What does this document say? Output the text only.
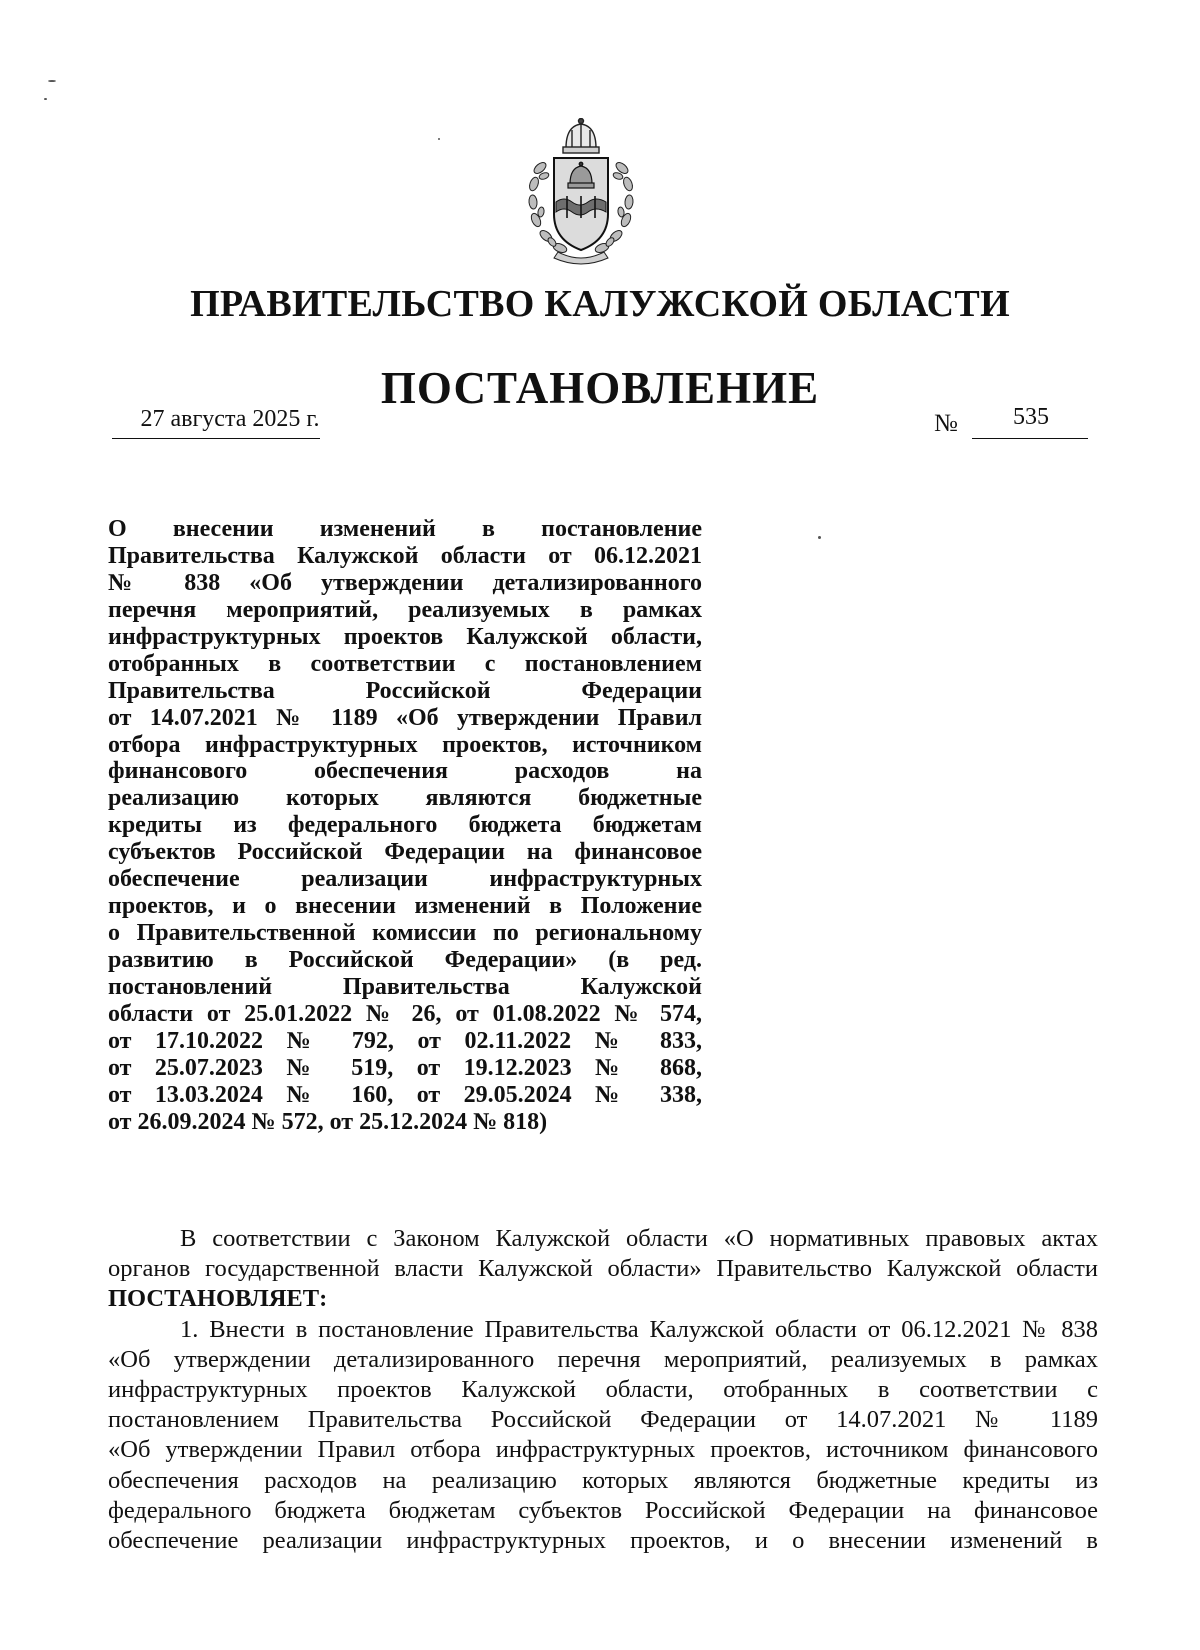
ПРАВИТЕЛЬСТВО КАЛУЖСКОЙ ОБЛАСТИ
ПОСТАНОВЛЕНИЕ
27 августа 2025 г.	№	535
О внесении изменений в постановление
Правительства Калужской области от 06.12.2021
№ 838 «Об утверждении детализированного
перечня мероприятий, реализуемых в рамках
инфраструктурных проектов Калужской области,
отобранных в соответствии с постановлением
Правительства Российской Федерации
от 14.07.2021 № 1189 «Об утверждении Правил
отбора инфраструктурных проектов, источником
финансового обеспечения расходов на
реализацию которых являются бюджетные
кредиты из федерального бюджета бюджетам
субъектов Российской Федерации на финансовое
обеспечение реализации инфраструктурных
проектов, и о внесении изменений в Положение
о Правительственной комиссии по региональному
развитию в Российской Федерации» (в ред.
постановлений Правительства Калужской
области от 25.01.2022 № 26, от 01.08.2022 № 574,
от 17.10.2022 № 792, от 02.11.2022 № 833,
от 25.07.2023 № 519, от 19.12.2023 № 868,
от 13.03.2024 № 160, от 29.05.2024 № 338,
от 26.09.2024 № 572, от 25.12.2024 № 818)
В соответствии с Законом Калужской области «О нормативных правовых актах
органов государственной власти Калужской области» Правительство Калужской области
ПОСТАНОВЛЯЕТ:
1. Внести в постановление Правительства Калужской области от 06.12.2021 № 838
«Об утверждении детализированного перечня мероприятий, реализуемых в рамках
инфраструктурных проектов Калужской области, отобранных в соответствии с
постановлением Правительства Российской Федерации от 14.07.2021 № 1189
«Об утверждении Правил отбора инфраструктурных проектов, источником финансового
обеспечения расходов на реализацию которых являются бюджетные кредиты из
федерального бюджета бюджетам субъектов Российской Федерации на финансовое
обеспечение реализации инфраструктурных проектов, и о внесении изменений в
